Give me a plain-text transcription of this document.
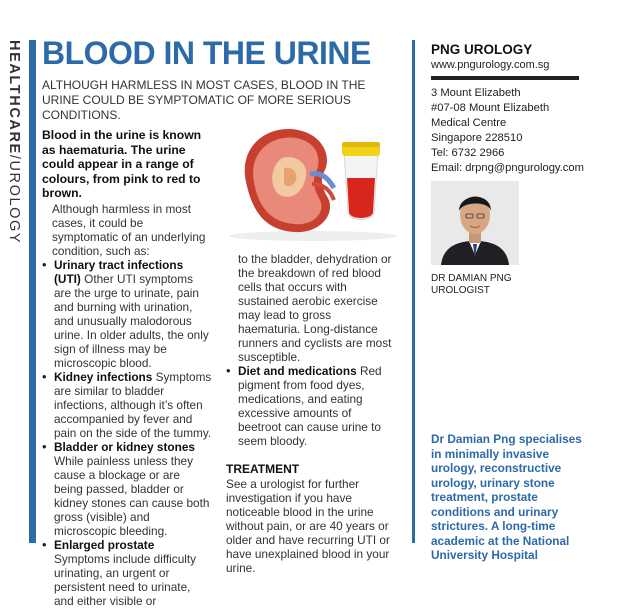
HEALTHCARE/UROLOGY
BLOOD IN THE URINE
ALTHOUGH HARMLESS IN MOST CASES, BLOOD IN THE URINE COULD BE SYMPTOMATIC OF MORE SERIOUS CONDITIONS.

Blood in the urine is known as haematuria. The urine could appear in a range of colours, from pink to red to brown.

Although harmless in most cases, it could be symptomatic of an underlying condition, such as:

• Urinary tract infections (UTI) Other UTI symptoms are the urge to urinate, pain and burning with urination, and unusually malodorous urine. In older adults, the only sign of illness may be microscopic blood.
• Kidney infections Symptoms are similar to bladder infections, although it’s often accompanied by fever and pain on the side of the tummy.
• Bladder or kidney stones While painless unless they cause a blockage or are being passed, bladder or kidney stones can cause both gross (visible) and microscopic bleeding.
• Enlarged prostate Symptoms include difficulty urinating, an urgent or persistent need to urinate, and either visible or

to the bladder, dehydration or the breakdown of red blood cells that occurs with sustained aerobic exercise may lead to gross haematuria. Long-distance runners and cyclists are most susceptible.

• Diet and medications Red pigment from food dyes, medications, and eating excessive amounts of beetroot can cause urine to seem bloody.
TREATMENT

See a urologist for further investigation if you have noticeable blood in the urine without pain, or are 40 years or older and have recurring UTI or have unexplained blood in your urine.

PNG UROLOGY

www.pngurology.com.sg

3 Mount Elizabeth
#07-08 Mount Elizabeth
Medical Centre
Singapore 228510
Tel: 6732 2966
Email: drpng@pngurology.com
DR DAMIAN PNG
UROLOGIST
Dr Damian Png specialises in minimally invasive urology, reconstructive urology, urinary stone treatment, prostate conditions and urinary strictures. A long-time academic at the National University Hospital
